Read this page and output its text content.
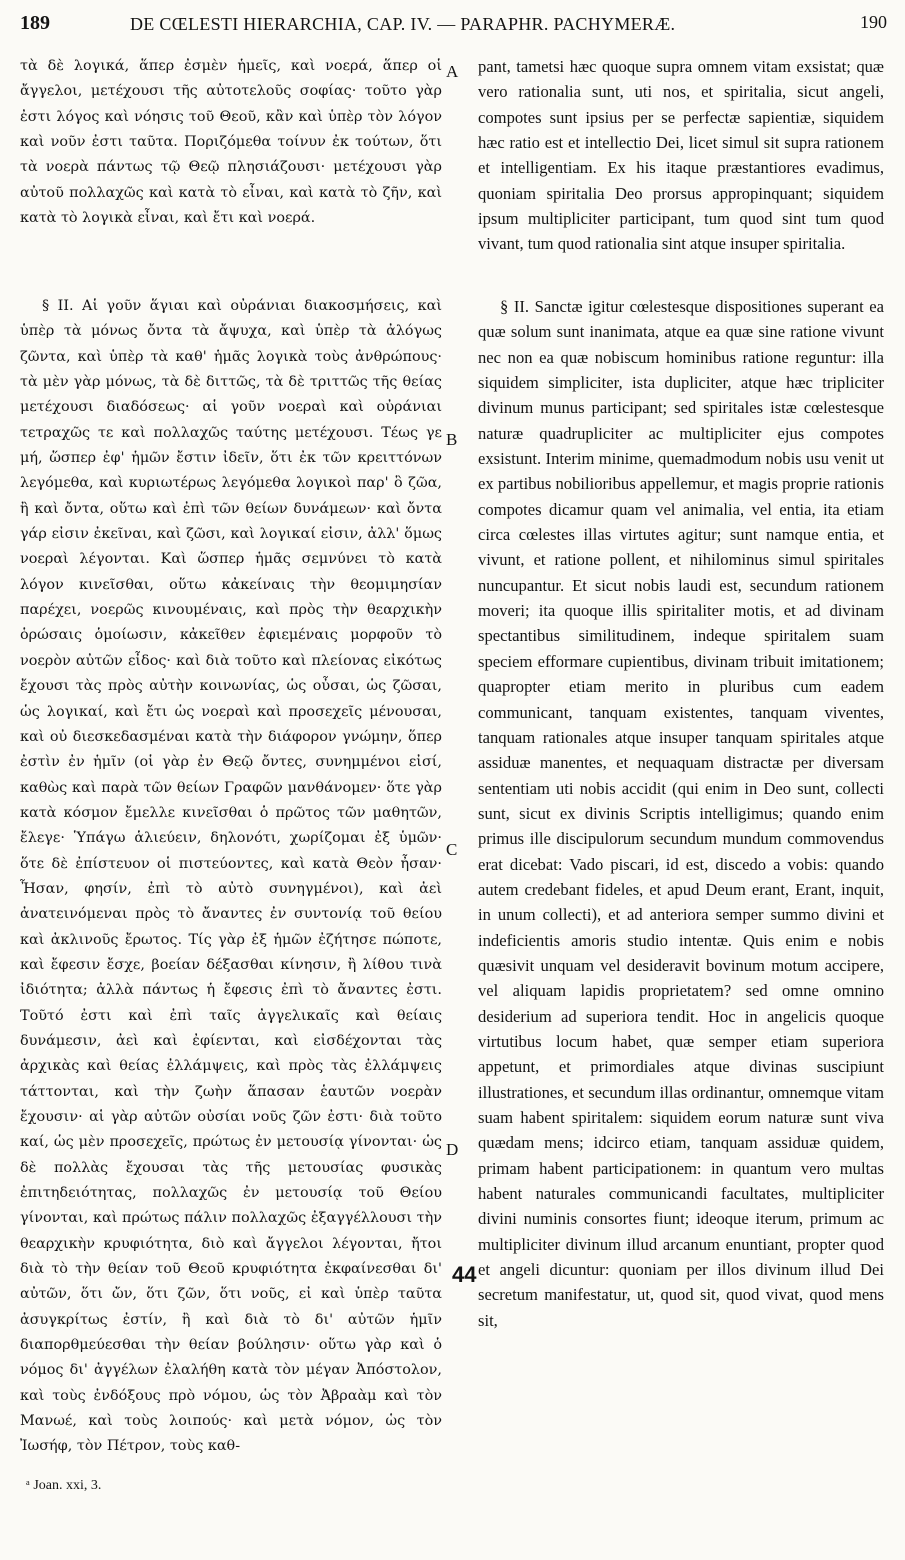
189	DE CŒLESTI HIERARCHIA, CAP. IV. — PARAPHR. PACHYMERÆ.	190

τὰ δὲ λογικά, ἅπερ ἐσμὲν ἡμεῖς, καὶ νοερά, ἅπερ οἱ ἄγγελοι, μετέχουσι τῆς αὐτοτελοῦς σοφίας· τοῦτο γὰρ ἐστι λόγος καὶ νόησις τοῦ Θεοῦ, κἂν καὶ ὑπὲρ τὸν λόγον καὶ νοῦν ἐστι ταῦτα. Ποριζόμεθα τοίνυν ἐκ τούτων, ὅτι τὰ νοερὰ πάντως τῷ Θεῷ πλησιάζουσι· μετέχουσι γὰρ αὐτοῦ πολλαχῶς καὶ κατὰ τὸ εἶναι, καὶ κατὰ τὸ ζῆν, καὶ κατὰ τὸ λογικὰ εἶναι, καὶ ἔτι καὶ νοερά.

§ II. Αἱ γοῦν ἅγιαι καὶ οὐράνιαι διακοσμήσεις, καὶ ὑπὲρ τὰ μόνως ὄντα τὰ ἄψυχα, καὶ ὑπὲρ τὰ ἀλόγως ζῶντα, καὶ ὑπὲρ τὰ καθ' ἡμᾶς λογικὰ τοὺς ἀνθρώπους· τὰ μὲν γὰρ μόνως, τὰ δὲ διττῶς, τὰ δὲ τριττῶς τῆς θείας μετέχουσι διαδόσεως· αἱ γοῦν νοεραὶ καὶ οὐράνιαι τετραχῶς τε καὶ πολλαχῶς ταύτης μετέχουσι. Τέως γε μή, ὥσπερ ἐφ' ἡμῶν ἔστιν ἰδεῖν, ὅτι ἐκ τῶν κρειττόνων λεγόμεθα, καὶ κυριωτέρως λεγόμεθα λογικοὶ παρ' ὃ ζῶα, ἢ καὶ ὄντα, οὕτω καὶ ἐπὶ τῶν θείων δυνάμεων· καὶ ὄντα γάρ εἰσιν ἐκεῖναι, καὶ ζῶσι, καὶ λογικαί εἰσιν, ἀλλ' ὅμως νοεραὶ λέγονται. Καὶ ὥσπερ ἡμᾶς σεμνύνει τὸ κατὰ λόγον κινεῖσθαι, οὕτω κἀκείναις τὴν θεομιμησίαν παρέχει, νοερῶς κινουμέναις, καὶ πρὸς τὴν θεαρχικὴν ὁρώσαις ὁμοίωσιν, κἀκεῖθεν ἐφιεμέναις μορφοῦν τὸ νοερὸν αὐτῶν εἶδος· καὶ διὰ τοῦτο καὶ πλείονας εἰκότως ἔχουσι τὰς πρὸς αὐτὴν κοινωνίας, ὡς οὖσαι, ὡς ζῶσαι, ὡς λογικαί, καὶ ἔτι ὡς νοεραὶ καὶ προσεχεῖς μένουσαι, καὶ οὐ διεσκεδασμέναι κατὰ τὴν διάφορον γνώμην, ὅπερ ἐστὶν ἐν ἡμῖν (οἱ γὰρ ἐν Θεῷ ὄντες, συνημμένοι εἰσί, καθὼς καὶ παρὰ τῶν θείων Γραφῶν μανθάνομεν· ὅτε γὰρ κατὰ κόσμον ἔμελλε κινεῖσθαι ὁ πρῶτος τῶν μαθητῶν, ἔλεγε· Ὑπάγω ἁλιεύειν, δηλονότι, χωρίζομαι ἐξ ὑμῶν· ὅτε δὲ ἐπίστευον οἱ πιστεύοντες, καὶ κατὰ Θεὸν ἦσαν· Ἦσαν, φησίν, ἐπὶ τὸ αὐτὸ συνηγμένοι), καὶ ἀεὶ ἀνατεινόμεναι πρὸς τὸ ἄναντες ἐν συντονίᾳ τοῦ θείου καὶ ἀκλινοῦς ἔρωτος. Τίς γὰρ ἐξ ἡμῶν ἐζήτησε πώποτε, καὶ ἔφεσιν ἔσχε, βοείαν δέξασθαι κίνησιν, ἢ λίθου τινὰ ἰδιότητα; ἀλλὰ πάντως ἡ ἔφεσις ἐπὶ τὸ ἄναντες ἐστι. Τοῦτό ἐστι καὶ ἐπὶ ταῖς ἀγγελικαῖς καὶ θείαις δυνάμεσιν, ἀεὶ καὶ ἐφίενται, καὶ εἰσδέχονται τὰς ἀρχικὰς καὶ θείας ἐλλάμψεις, καὶ πρὸς τὰς ἐλλάμψεις τάττονται, καὶ τὴν ζωὴν ἅπασαν ἑαυτῶν νοερὰν ἔχουσιν· αἱ γὰρ αὐτῶν οὐσίαι νοῦς ζῶν ἐστι· διὰ τοῦτο καί, ὡς μὲν προσεχεῖς, πρώτως ἐν μετουσίᾳ γίνονται· ὡς δὲ πολλὰς ἔχουσαι τὰς τῆς μετουσίας φυσικὰς ἐπιτηδειότητας, πολλαχῶς ἐν μετουσίᾳ τοῦ Θείου γίνονται, καὶ πρώτως πάλιν πολλαχῶς ἐξαγγέλλουσι τὴν θεαρχικὴν κρυφιότητα, διὸ καὶ ἄγγελοι λέγονται, ἤτοι διὰ τὸ τὴν θείαν τοῦ Θεοῦ κρυφιότητα ἐκφαίνεσθαι δι' αὐτῶν, ὅτι ὤν, ὅτι ζῶν, ὅτι νοῦς, εἰ καὶ ὑπὲρ ταῦτα ἀσυγκρίτως ἐστίν, ἢ καὶ διὰ τὸ δι' αὐτῶν ἡμῖν διαπορθμεύεσθαι τὴν θείαν βούλησιν· οὕτω γὰρ καὶ ὁ νόμος δι' ἀγγέλων ἐλαλήθη κατὰ τὸν μέγαν Ἀπόστολον, καὶ τοὺς ἐνδόξους πρὸ νόμου, ὡς τὸν Ἀβραὰμ καὶ τὸν Μανωέ, καὶ τοὺς λοιπούς· καὶ μετὰ νόμον, ὡς τὸν Ἰωσήφ, τὸν Πέτρον, τοὺς καθ-

A
B
C
D
44

pant, tametsi hæc quoque supra omnem vitam exsistat; quæ vero rationalia sunt, uti nos, et spiritalia, sicut angeli, compotes sunt ipsius per se perfectæ sapientiæ, siquidem hæc ratio est et intellectio Dei, licet simul sit supra rationem et intelligentiam. Ex his itaque præstantiores evadimus, quoniam spiritalia Deo prorsus appropinquant; siquidem ipsum multipliciter participant, tum quod sint tum quod vivant, tum quod rationalia sint atque insuper spiritalia.

§ II. Sanctæ igitur cœlestesque dispositiones superant ea quæ solum sunt inanimata, atque ea quæ sine ratione vivunt nec non ea quæ nobiscum hominibus ratione reguntur: illa siquidem simpliciter, ista dupliciter, atque hæc tripliciter divinum munus participant; sed spiritales istæ cœlestesque naturæ quadrupliciter ac multipliciter ejus compotes exsistunt. Interim minime, quemadmodum nobis usu venit ut ex partibus nobilioribus appellemur, et magis proprie rationis compotes dicamur quam vel animalia, vel entia, ita etiam circa cœlestes illas virtutes agitur; sunt namque entia, et vivunt, et ratione pollent, et nihilominus simul spiritales nuncupantur. Et sicut nobis laudi est, secundum rationem moveri; ita quoque illis spiritaliter motis, et ad divinam spectantibus similitudinem, indeque spiritalem suam speciem efformare cupientibus, divinam tribuit imitationem; quapropter etiam merito in pluribus cum eadem communicant, tanquam existentes, tanquam viventes, tanquam rationales atque insuper tanquam spiritales atque assiduæ manentes, et nequaquam distractæ per diversam sententiam uti nobis accidit (qui enim in Deo sunt, collecti sunt, sicut ex divinis Scriptis intelligimus; quando enim primus ille discipulorum secundum mundum commovendus erat dicebat: Vado piscari, id est, discedo a vobis: quando autem credebant fideles, et apud Deum erant, Erant, inquit, in unum collecti), et ad anteriora semper summo divini et indeficientis amoris studio intentæ. Quis enim e nobis quæsivit unquam vel desideravit bovinum motum accipere, vel aliquam lapidis proprietatem? sed omne omnino desiderium ad superiora tendit. Hoc in angelicis quoque virtutibus locum habet, quæ semper etiam superiora appetunt, et primordiales atque divinas suscipiunt illustrationes, et secundum illas ordinantur, omnemque vitam suam habent spiritalem: siquidem eorum naturæ sunt viva quædam mens; idcirco etiam, tanquam assiduæ quidem, primam habent participationem: in quantum vero multas habent naturales communicandi facultates, multipliciter divini numinis consortes fiunt; ideoque iterum, primum ac multipliciter divinum illud arcanum enuntiant, propter quod et angeli dicuntur: quoniam per illos divinum illud Dei secretum manifestatur, ut, quod sit, quod vivat, quod mens sit,

ᵃ Joan. xxi, 3.
